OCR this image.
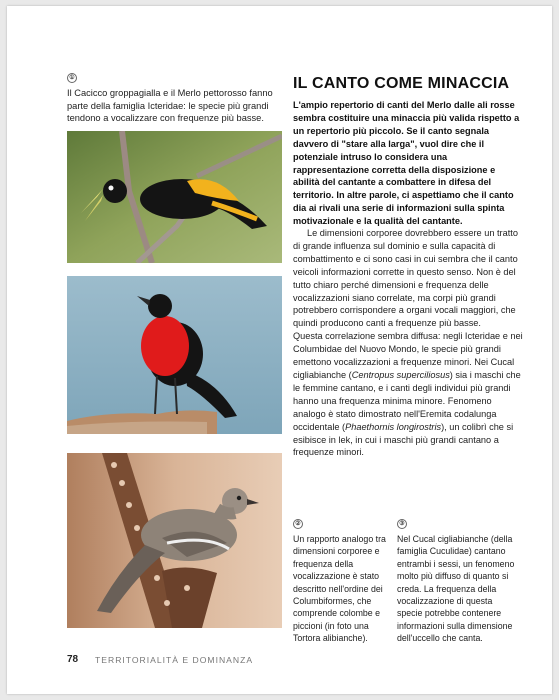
①
Il Cacicco groppagialla e il Merlo pettorosso fanno parte della famiglia Icteridae: le specie più grandi tendono a vocalizzare con frequenze più basse.
IL CANTO COME MINACCIA
L'ampio repertorio di canti del Merlo dalle ali rosse sembra costituire una minaccia più valida rispetto a un repertorio più piccolo. Se il canto segnala davvero di "stare alla larga", vuol dire che il potenziale intruso lo considera una rappresentazione corretta della disposizione e abilità del cantante a combattere in difesa del territorio. In altre parole, ci aspettiamo che il canto dia ai rivali una serie di informazioni sulla spinta motivazionale e la qualità del cantante.
Le dimensioni corporee dovrebbero essere un tratto di grande influenza sul dominio e sulla capacità di combattimento e ci sono casi in cui sembra che il canto veicoli informazioni corrette in questo senso. Non è del tutto chiaro perché dimensioni e frequenza delle vocalizzazioni siano correlate, ma corpi più grandi potrebbero corrispondere a organi vocali maggiori, che quindi producono canti a frequenze più basse.
Questa correlazione sembra diffusa: negli Icteridae e nei Columbidae del Nuovo Mondo, le specie più grandi emettono vocalizzazioni a frequenze minori. Nei Cucal cigliabianche (Centropus superciliosus) sia i maschi che le femmine cantano, e i canti degli individui più grandi hanno una frequenza minima minore. Fenomeno analogo è stato dimostrato nell'Eremita codalunga occidentale (Phaethornis longirostris), un colibrì che si esibisce in lek, in cui i maschi più grandi cantano a frequenze minori.
②
Un rapporto analogo tra dimensioni corporee e frequenza della vocalizzazione è stato descritto nell'ordine dei Columbiformes, che comprende colombe e piccioni (in foto una Tortora alibianche).
③
Nel Cucal cigliabianche (della famiglia Cuculidae) cantano entrambi i sessi, un fenomeno molto più diffuso di quanto si creda. La frequenza della vocalizzazione di questa specie potrebbe contenere informazioni sulla dimensione dell'uccello che canta.
78 TERRITORIALITÀ E DOMINANZA
